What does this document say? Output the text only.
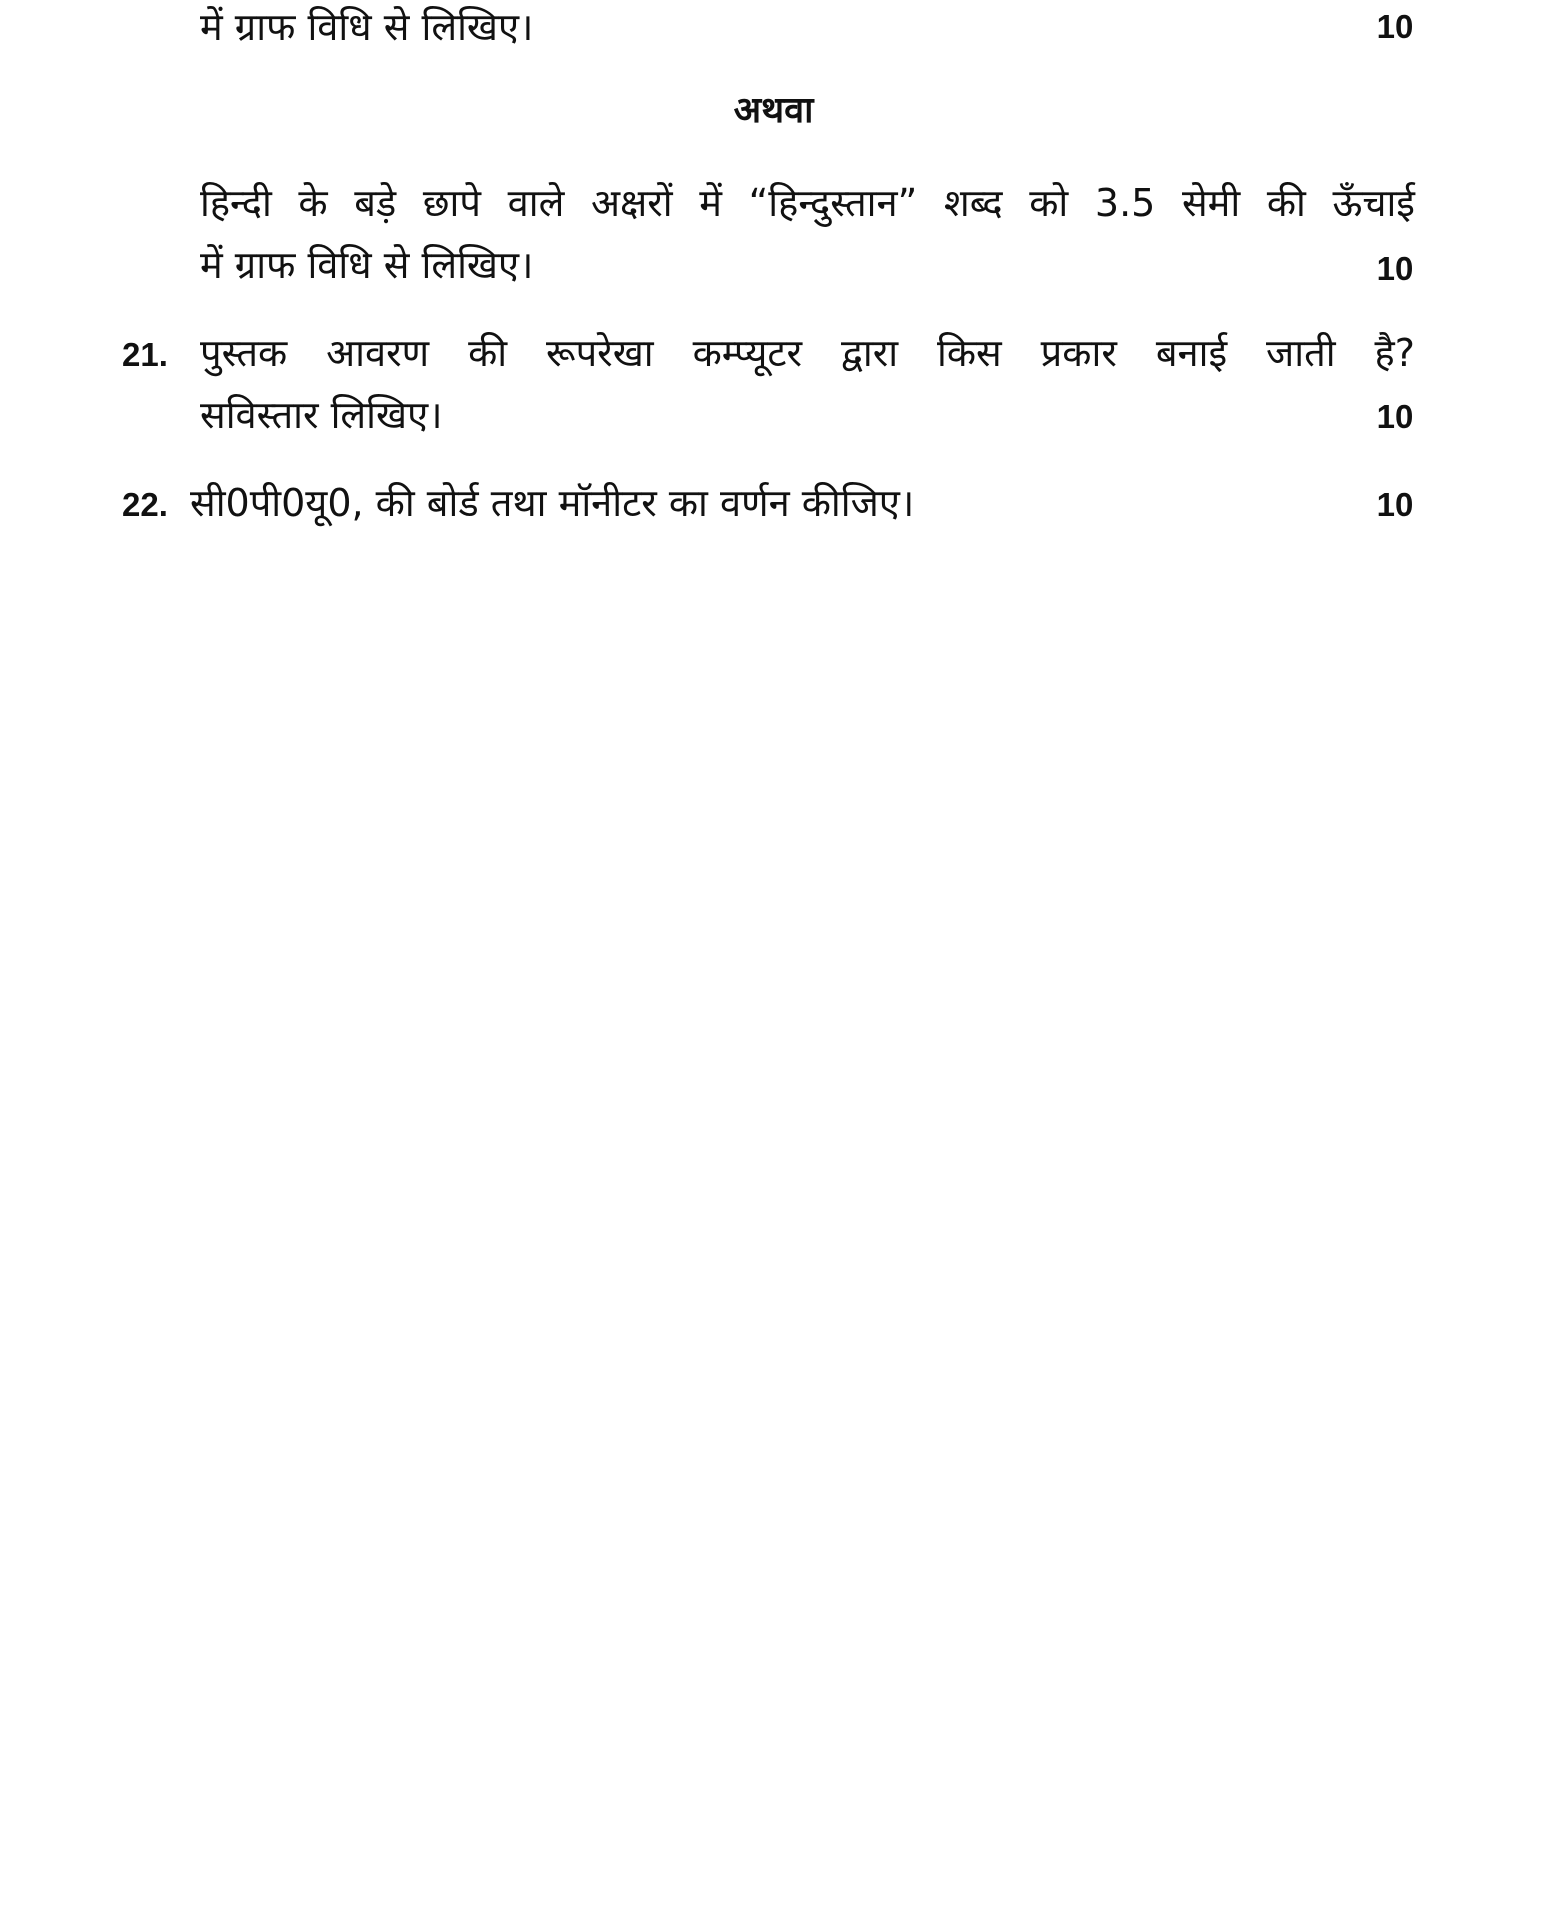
में ग्राफ विधि से लिखिए।	10
अथवा
हिन्दी के बड़े छापे वाले अक्षरों में “हिन्दुस्तान” शब्द को 3.5 सेमी की ऊँचाई
में ग्राफ विधि से लिखिए।	10
21. पुस्तक आवरण की रूपरेखा कम्प्यूटर द्वारा किस प्रकार बनाई जाती है?
सविस्तार लिखिए।	10
22. सी0पी0यू0, की बोर्ड तथा मॉनीटर का वर्णन कीजिए।	10
